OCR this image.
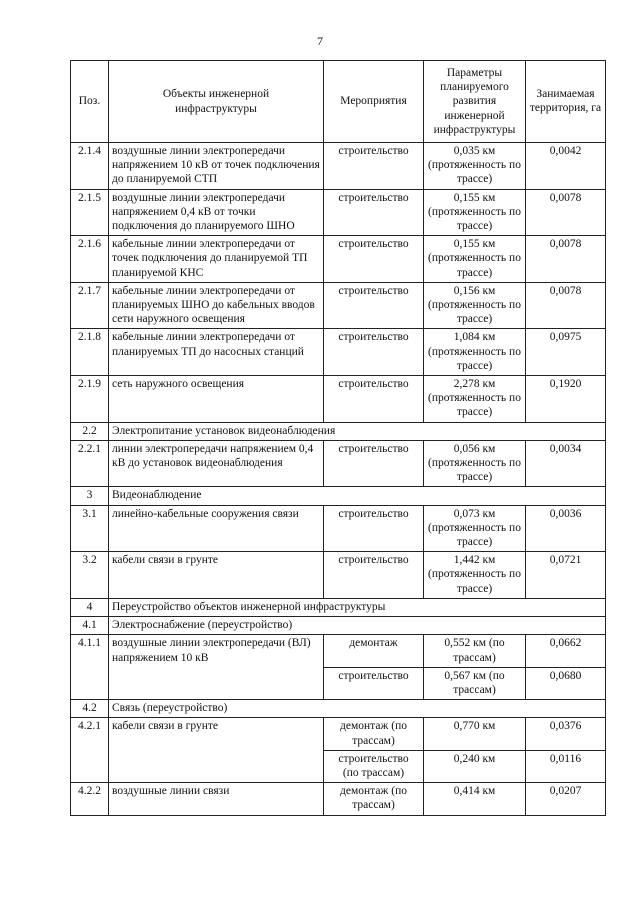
7
Поз.	Объекты инженерной инфраструктуры	Мероприятия	Параметры планируемого развития инженерной инфраструктуры	Занимаемая территория, га
2.1.4	воздушные линии электропередачи напряжением 10 кВ от точек подключения до планируемой СТП	строительство	0,035 км (протяженность по трассе)	0,0042
2.1.5	воздушные линии электропередачи напряжением 0,4 кВ от точки подключения до планируемого ШНО	строительство	0,155 км (протяженность по трассе)	0,0078
2.1.6	кабельные линии электропередачи от точек подключения до планируемой ТП планируемой КНС	строительство	0,155 км (протяженность по трассе)	0,0078
2.1.7	кабельные линии электропередачи от планируемых ШНО до кабельных вводов сети наружного освещения	строительство	0,156 км (протяженность по трассе)	0,0078
2.1.8	кабельные линии электропередачи от планируемых ТП до насосных станций	строительство	1,084 км (протяженность по трассе)	0,0975
2.1.9	сеть наружного освещения	строительство	2,278 км (протяженность по трассе)	0,1920
2.2	Электропитание установок видеонаблюдения			
2.2.1	линии электропередачи напряжением 0,4 кВ до установок видеонаблюдения	строительство	0,056 км (протяженность по трассе)	0,0034
3	Видеонаблюдение			
3.1	линейно-кабельные сооружения связи	строительство	0,073 км (протяженность по трассе)	0,0036
3.2	кабели связи в грунте	строительство	1,442 км (протяженность по трассе)	0,0721
4	Переустройство объектов инженерной инфраструктуры			
4.1	Электроснабжение (переустройство)			
4.1.1	воздушные линии электропередачи (ВЛ) напряжением 10 кВ	демонтаж	0,552 км (по трассам)	0,0662
		строительство	0,567 км (по трассам)	0,0680
4.2	Связь (переустройство)			
4.2.1	кабели связи в грунте	демонтаж (по трассам)	0,770 км	0,0376
		строительство (по трассам)	0,240 км	0,0116
4.2.2	воздушные линии связи	демонтаж (по трассам)	0,414 км	0,0207
